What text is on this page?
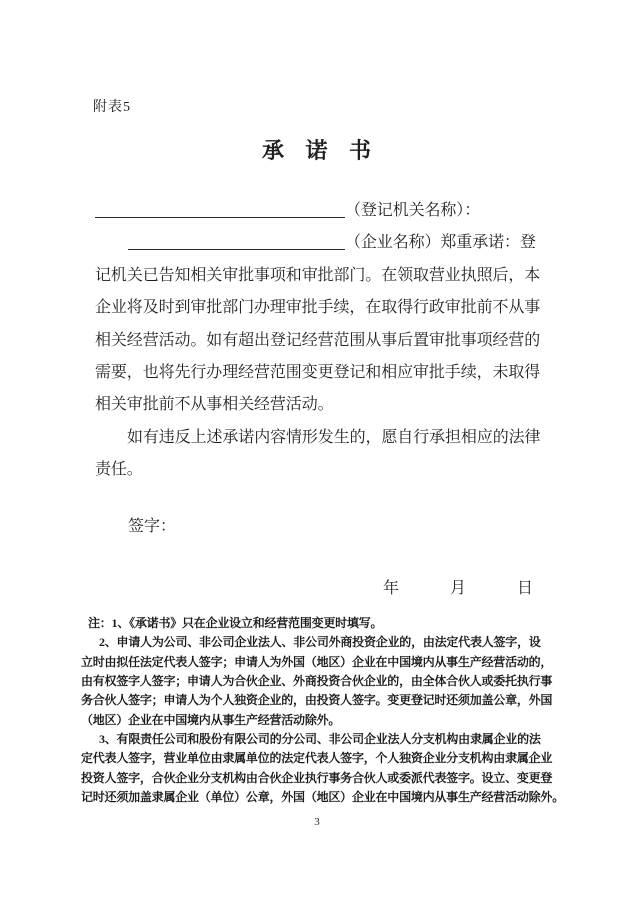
附表5
承 诺 书
（登记机关名称）：
（企业名称）郑重承诺：登
记机关已告知相关审批事项和审批部门。在领取营业执照后，本
企业将及时到审批部门办理审批手续，在取得行政审批前不从事
相关经营活动。如有超出登记经营范围从事后置审批事项经营的
需要，也将先行办理经营范围变更登记和相应审批手续，未取得
相关审批前不从事相关经营活动。
如有违反上述承诺内容情形发生的，愿自行承担相应的法律
责任。
签字：
年	月	日
注：1、《承诺书》只在企业设立和经营范围变更时填写。
2、申请人为公司、非公司企业法人、非公司外商投资企业的，由法定代表人签字，设
立时由拟任法定代表人签字；申请人为外国（地区）企业在中国境内从事生产经营活动的，
由有权签字人签字；申请人为合伙企业、外商投资合伙企业的，由全体合伙人或委托执行事
务合伙人签字；申请人为个人独资企业的，由投资人签字。变更登记时还须加盖公章，外国
（地区）企业在中国境内从事生产经营活动除外。
3、有限责任公司和股份有限公司的分公司、非公司企业法人分支机构由隶属企业的法
定代表人签字，营业单位由隶属单位的法定代表人签字，个人独资企业分支机构由隶属企业
投资人签字，合伙企业分支机构由合伙企业执行事务合伙人或委派代表签字。设立、变更登
记时还须加盖隶属企业（单位）公章，外国（地区）企业在中国境内从事生产经营活动除外。
3
